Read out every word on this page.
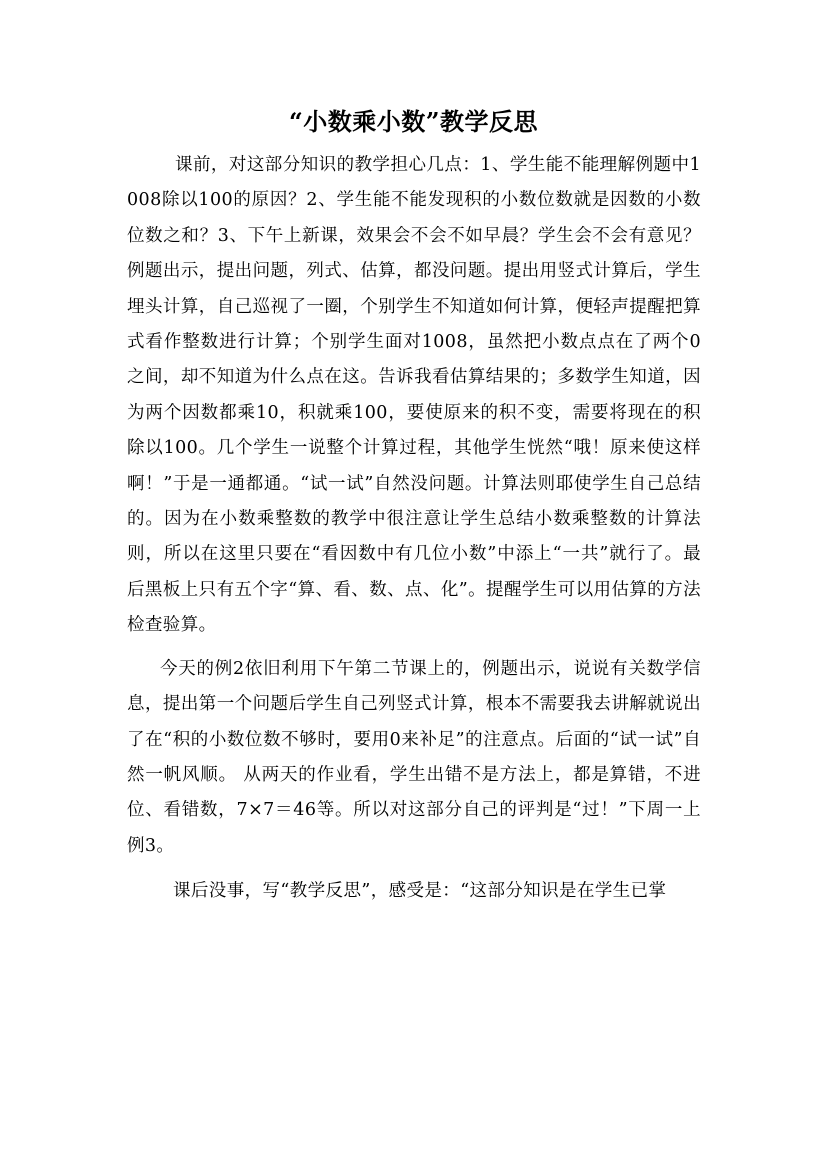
“小数乘小数”教学反思

课前，对这部分知识的教学担心几点：1、学生能不能理解例题中1008除以100的原因？2、学生能不能发现积的小数位数就是因数的小数位数之和？3、下午上新课，效果会不会不如早晨？学生会不会有意见？ 例题出示，提出问题，列式、估算，都没问题。提出用竖式计算后，学生埋头计算，自己巡视了一圈，个别学生不知道如何计算，便轻声提醒把算式看作整数进行计算；个别学生面对1008，虽然把小数点点在了两个0之间，却不知道为什么点在这。告诉我看估算结果的；多数学生知道，因为两个因数都乘10，积就乘100，要使原来的积不变，需要将现在的积除以100。几个学生一说整个计算过程，其他学生恍然“哦！原来使这样啊！”于是一通都通。“试一试”自然没问题。计算法则耶使学生自己总结的。因为在小数乘整数的教学中很注意让学生总结小数乘整数的计算法则，所以在这里只要在“看因数中有几位小数”中添上“一共”就行了。最后黑板上只有五个字“算、看、数、点、化”。提醒学生可以用估算的方法检查验算。

今天的例2依旧利用下午第二节课上的，例题出示，说说有关数学信息，提出第一个问题后学生自己列竖式计算，根本不需要我去讲解就说出了在“积的小数位数不够时，要用0来补足”的注意点。后面的“试一试”自然一帆风顺。 从两天的作业看，学生出错不是方法上，都是算错，不进位、看错数，7×7＝46等。所以对这部分自己的评判是“过！”下周一上例3。

课后没事，写“教学反思”，感受是：“这部分知识是在学生已掌
